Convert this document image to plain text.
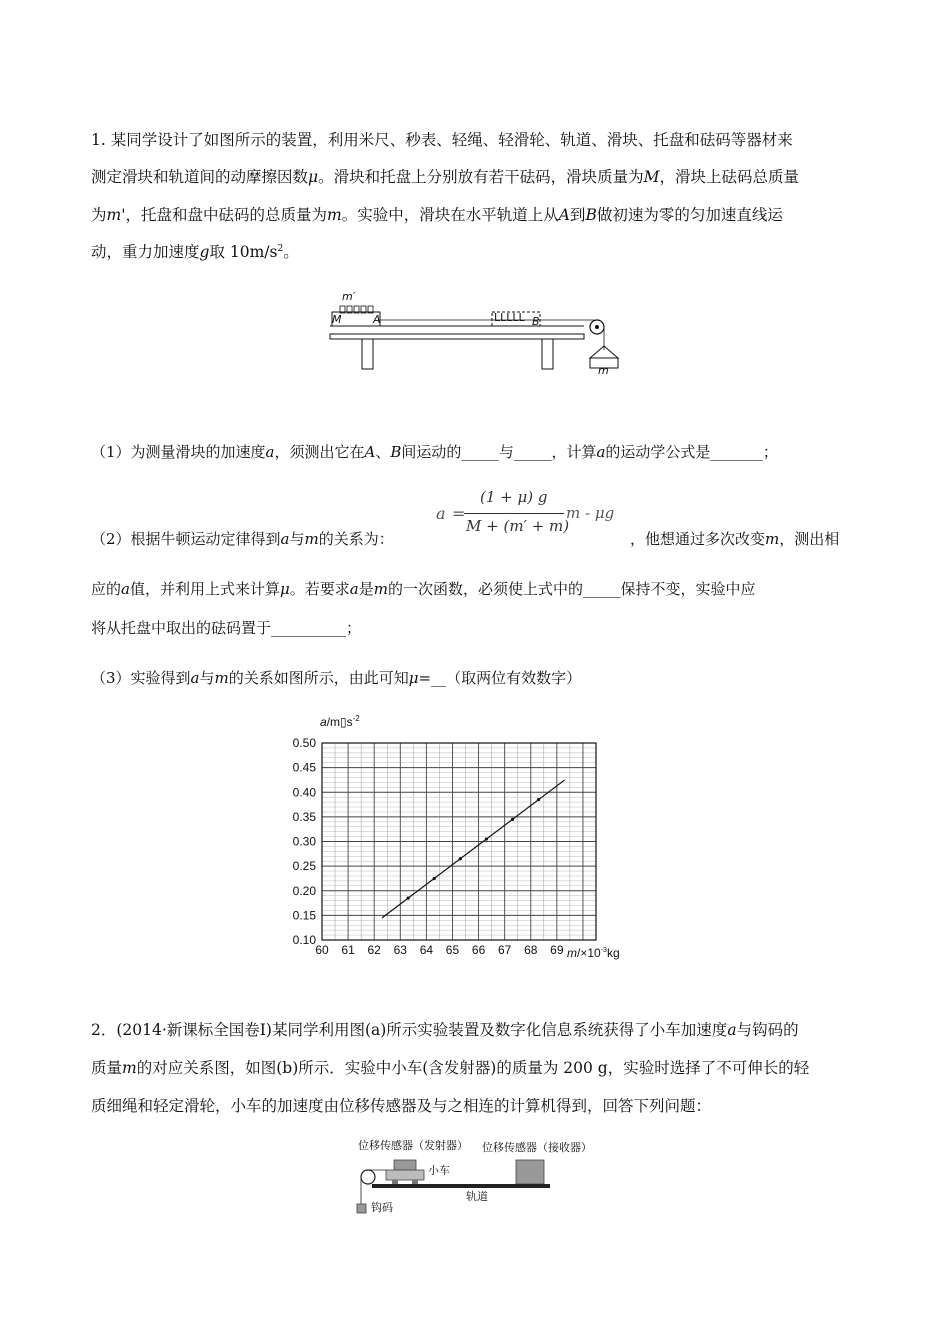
1. 某同学设计了如图所示的装置，利用米尺、秒表、轻绳、轻滑轮、轨道、滑块、托盘和砝码等器材来
测定滑块和轨道间的动摩擦因数μ。滑块和托盘上分别放有若干砝码，滑块质量为M，滑块上砝码总质量
为m'，托盘和盘中砝码的总质量为m。实验中，滑块在水平轨道上从A到B做初速为零的匀加速直线运
动，重力加速度g取 $10m/s^2$。
m′
M	A	ᒪᒪᒪᒪᒪ B
m
（1）为测量滑块的加速度a，须测出它在A、B间运动的_____与_____，计算a的运动学公式是_______；
a =
(1 + μ) g
M + (m′ + m)
m - μg
（2）根据牛顿运动定律得到a与m的关系为：	，他想通过多次改变m，测出相
应的a值，并利用上式来计算μ。若要求a是m的一次函数，必须使上式中的_____保持不变，实验中应
将从托盘中取出的砝码置于__________；
（3）实验得到a与m的关系如图所示，由此可知μ=__（取两位有效数字）
0.10
0.15
0.20
0.25
0.30
0.35
0.40
0.45
0.50
60 61 62 63 64 65 66 67 68 69
$a/m▯s^{-2}$
$m/\times 10^{-3}kg$
2．(2014·新课标全国卷Ⅰ)某同学利用图(a)所示实验装置及数字化信息系统获得了小车加速度a与钩码的
质量m的对应关系图，如图(b)所示．实验中小车(含发射器)的质量为 200 g，实验时选择了不可伸长的轻
质细绳和轻定滑轮，小车的加速度由位移传感器及与之相连的计算机得到，回答下列问题：
位移传感器（发射器） 位移传感器（接收器）
小车
轨道
钩码
